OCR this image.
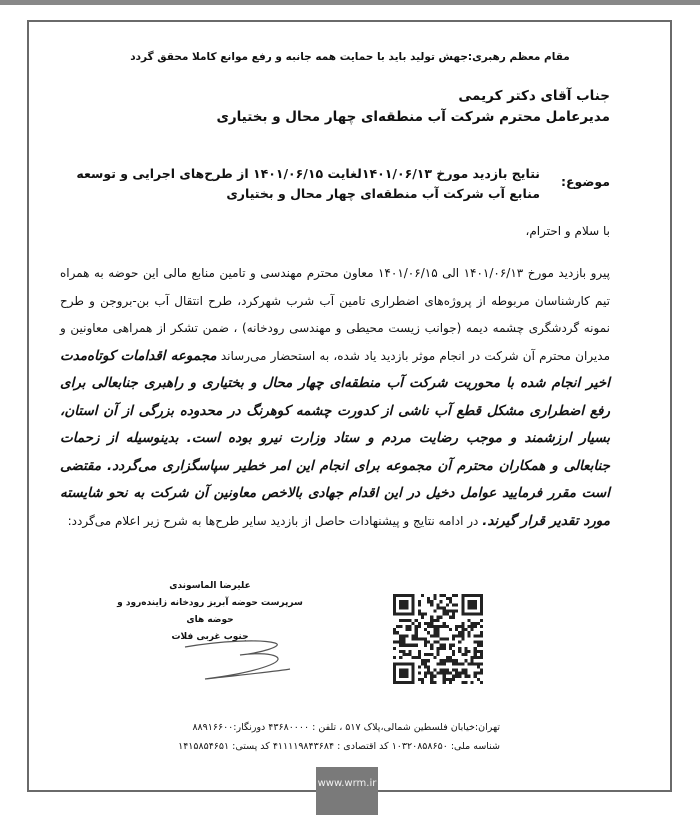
مقام معظم رهبری:جهش تولید باید با حمایت همه جانبه و رفع موانع کاملا محقق گردد
جناب آقای دکتر کریمی
مدیرعامل محترم شرکت آب منطقه‌ای چهار محال و بختیاری
موضوع:
نتایج بازدید مورخ ۱۴۰۱/۰۶/۱۳لغایت ۱۴۰۱/۰۶/۱۵ از طرح‌های اجرایی و توسعه منابع آب شرکت آب منطقه‌ای چهار محال و بختیاری
با سلام و احترام،
پیرو بازدید مورخ ۱۴۰۱/۰۶/۱۳ الی ۱۴۰۱/۰۶/۱۵ معاون محترم مهندسی و تامین منابع مالی این حوضه به همراه تیم کارشناسان مربوطه از پروژه‌های اضطراری تامین آب شرب شهرکرد، طرح انتقال آب بن-بروجن و طرح نمونه گردشگری چشمه دیمه (جوانب زیست محیطی و مهندسی رودخانه) ، ضمن تشکر از همراهی معاونین و مدیران محترم آن شرکت در انجام موثر بازدید یاد شده، به استحضار می‌رساند مجموعه اقدامات کوتاه‌مدت اخیر انجام شده با محوریت شرکت آب منطقه‌ای چهار محال و بختیاری و راهبری جنابعالی برای رفع اضطراری مشکل قطع آب ناشی از کدورت چشمه کوهرنگ در محدوده بزرگی از آن استان، بسیار ارزشمند و موجب رضایت مردم و ستاد وزارت نیرو بوده است. بدینوسیله از زحمات جنابعالی و همکاران محترم آن مجموعه برای انجام این امر خطیر سپاسگزاری می‌گردد. مقتضی است مقرر فرمایید عوامل دخیل در این اقدام جهادی بالاخص معاونین آن شرکت به نحو شایسته مورد تقدیر قرار گیرند. در ادامه نتایج و پیشنهادات حاصل از بازدید سایر طرح‌ها به شرح زیر اعلام می‌گردد:
علیرضا الماسوندی
سرپرست حوضه آبریز رودخانه زاینده‌رود و حوضه های
جنوب غربی فلات
تهران:خیابان فلسطین شمالی،پلاک ۵۱۷ ، تلفن : ۴۳۶۸۰۰۰۰ دورنگار:۸۸۹۱۶۶۰۰
شناسه ملی: ۱۰۳۲۰۸۵۸۶۵۰ کد اقتصادی : ۴۱۱۱۱۹۸۴۳۶۸۴ کد پستی: ۱۴۱۵۸۵۴۶۵۱
www.wrm.ir
